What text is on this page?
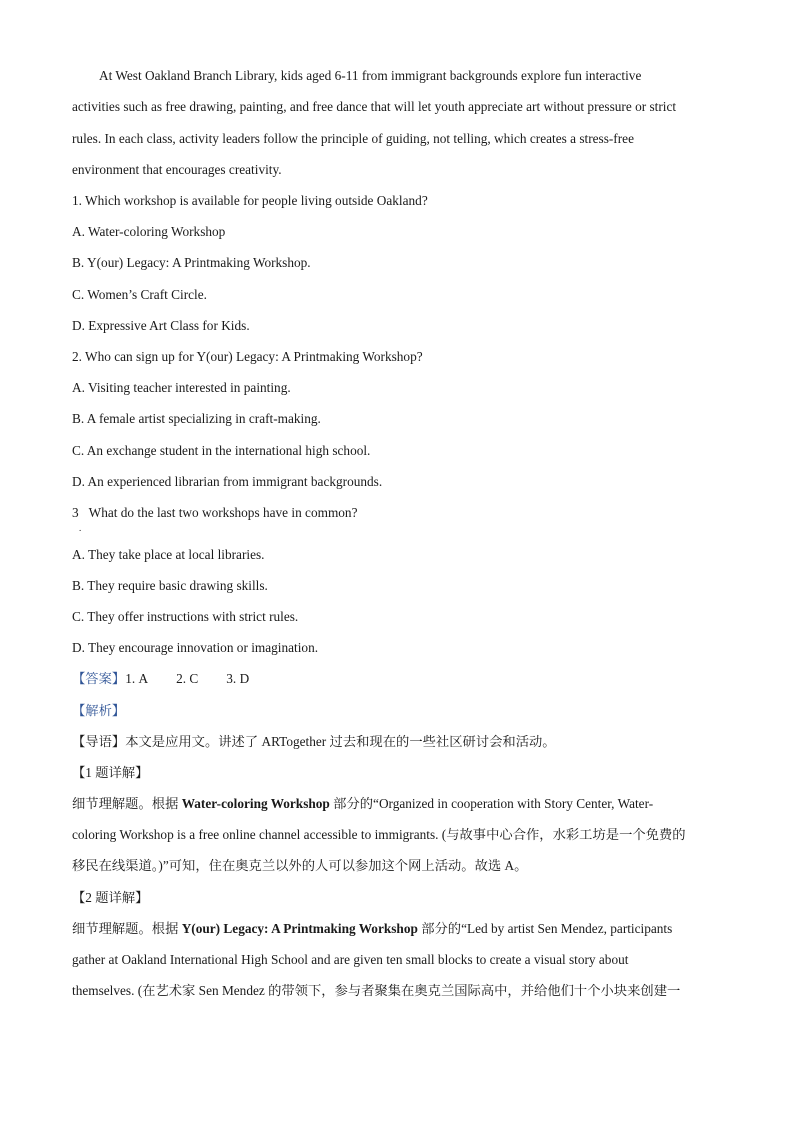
At West Oakland Branch Library, kids aged 6-11 from immigrant backgrounds explore fun interactive
activities such as free drawing, painting, and free dance that will let youth appreciate art without pressure or strict
rules. In each class, activity leaders follow the principle of guiding, not telling, which creates a stress-free
environment that encourages creativity.
1. Which workshop is available for people living outside Oakland?
A. Water-coloring Workshop
B. Y(our) Legacy: A Printmaking Workshop.
C. Women’s Craft Circle.
D. Expressive Art Class for Kids.
2. Who can sign up for Y(our) Legacy: A Printmaking Workshop?
A. Visiting teacher interested in painting.
B. A female artist specializing in craft-making.
C. An exchange student in the international high school.
D. An experienced librarian from immigrant backgrounds.
3 What do the last two workshops have in common?
.
A. They take place at local libraries.
B. They require basic drawing skills.
C. They offer instructions with strict rules.
D. They encourage innovation or imagination.
【答案】1. A 2. C 3. D
【解析】
【导语】本文是应用文。讲述了 ARTogether 过去和现在的一些社区研讨会和活动。
【1 题详解】
细节理解题。根据 Water-coloring Workshop 部分的“Organized in cooperation with Story Center, Water-
coloring Workshop is a free online channel accessible to immigrants. (与故事中心合作，水彩工坊是一个免费的
移民在线渠道。)”可知，住在奥克兰以外的人可以参加这个网上活动。故选 A。
【2 题详解】
细节理解题。根据 Y(our) Legacy: A Printmaking Workshop 部分的“Led by artist Sen Mendez, participants
gather at Oakland International High School and are given ten small blocks to create a visual story about
themselves. (在艺术家 Sen Mendez 的带领下，参与者聚集在奥克兰国际高中，并给他们十个小块来创建一
